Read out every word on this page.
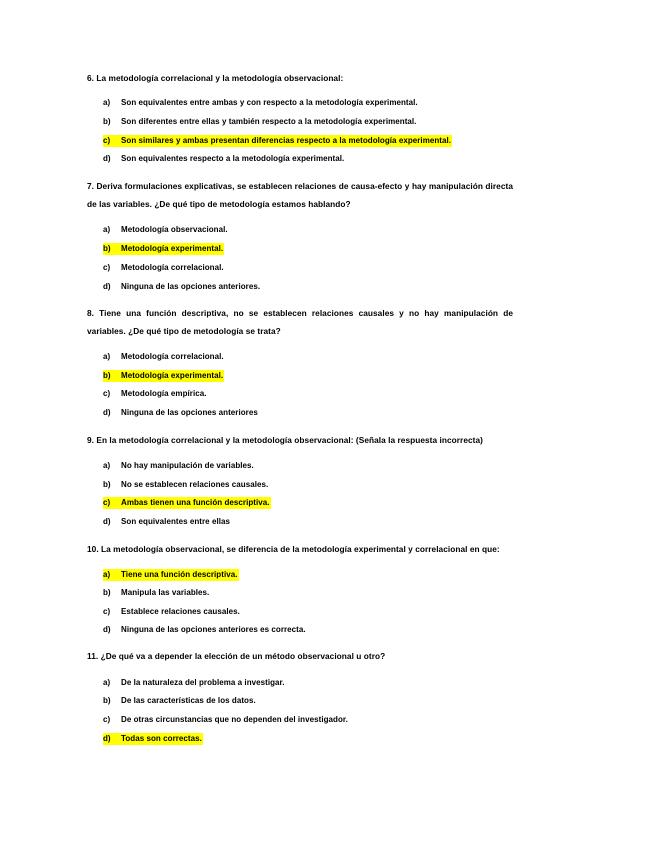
6. La metodología correlacional y la metodología observacional:
a) Son equivalentes entre ambas y con respecto a la metodología experimental.
b) Son diferentes entre ellas y también respecto a la metodología experimental.
c) Son similares y ambas presentan diferencias respecto a la metodología experimental.
d) Son equivalentes respecto a la metodología experimental.
7. Deriva formulaciones explicativas, se establecen relaciones de causa-efecto y hay manipulación directa de las variables. ¿De qué tipo de metodología estamos hablando?
a) Metodología observacional.
b) Metodología experimental.
c) Metodología correlacional.
d) Ninguna de las opciones anteriores.
8. Tiene una función descriptiva, no se establecen relaciones causales y no hay manipulación de variables. ¿De qué tipo de metodología se trata?
a) Metodología correlacional.
b) Metodología experimental.
c) Metodología empírica.
d) Ninguna de las opciones anteriores
9. En la metodología correlacional y la metodología observacional: (Señala la respuesta incorrecta)
a) No hay manipulación de variables.
b) No se establecen relaciones causales.
c) Ambas tienen una función descriptiva.
d) Son equivalentes entre ellas
10. La metodología observacional, se diferencia de la metodología experimental y correlacional en que:
a) Tiene una función descriptiva.
b) Manipula las variables.
c) Establece relaciones causales.
d) Ninguna de las opciones anteriores es correcta.
11. ¿De qué va a depender la elección de un método observacional u otro?
a) De la naturaleza del problema a investigar.
b) De las características de los datos.
c) De otras circunstancias que no dependen del investigador.
d) Todas son correctas.
